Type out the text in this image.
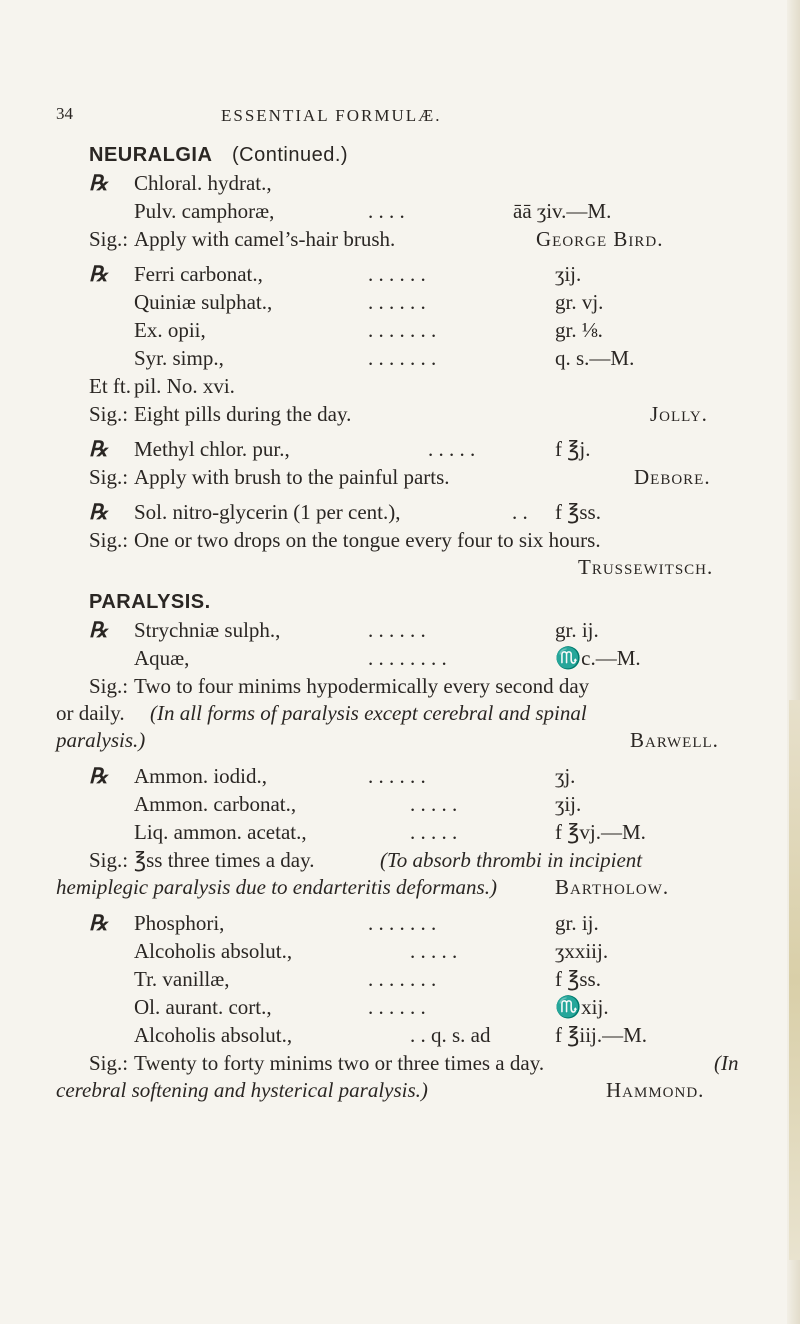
34	ESSENTIAL FORMULÆ.
NEURALGIA (Continued.)
℞ Chloral. hydrat.,
Pulv. camphoræ,	. . . .	āā ʒiv.—M.
Sig.: Apply with camel’s-hair brush.	George Bird.
℞ Ferri carbonat.,	. . . . . .	ʒij.
Quiniæ sulphat.,	. . . . . .	gr. vj.
Ex. opii,	. . . . . . .	gr. ⅛.
Syr. simp.,	. . . . . . .	q. s.—M.
Et ft. pil. No. xvi.
Sig.: Eight pills during the day.	Jolly.
℞ Methyl chlor. pur.,	. . . . .	f ℥j.
Sig.: Apply with brush to the painful parts.	Debore.
℞ Sol. nitro-glycerin (1 per cent.),	. . f ℥ss.
Sig.: One or two drops on the tongue every four to six hours.
Trussewitsch.
PARALYSIS.
℞ Strychniæ sulph.,	. . . . . .	gr. ij.
Aquæ,	. . . . . . . .	♏c.—M.
Sig.: Two to four minims hypodermically every second day
or daily. (In all forms of paralysis except cerebral and spinal
paralysis.)	Barwell.
℞ Ammon. iodid.,	. . . . . .	ʒj.
Ammon. carbonat.,	. . . . .	ʒij.
Liq. ammon. acetat.,	. . . . .	f ℥vj.—M.
Sig.: ℥ss three times a day.	(To absorb thrombi in incipient
hemiplegic paralysis due to endarteritis deformans.)	Bartholow.
℞ Phosphori,	. . . . . . .	gr. ij.
Alcoholis absolut.,	. . . . .	ʒxxiij.
Tr. vanillæ,	. . . . . . .	f ℥ss.
Ol. aurant. cort.,	. . . . . .	♏xij.
Alcoholis absolut.,	. . q. s. ad	f ℥iij.—M.
Sig.: Twenty to forty minims two or three times a day.	(In
cerebral softening and hysterical paralysis.)	Hammond.
